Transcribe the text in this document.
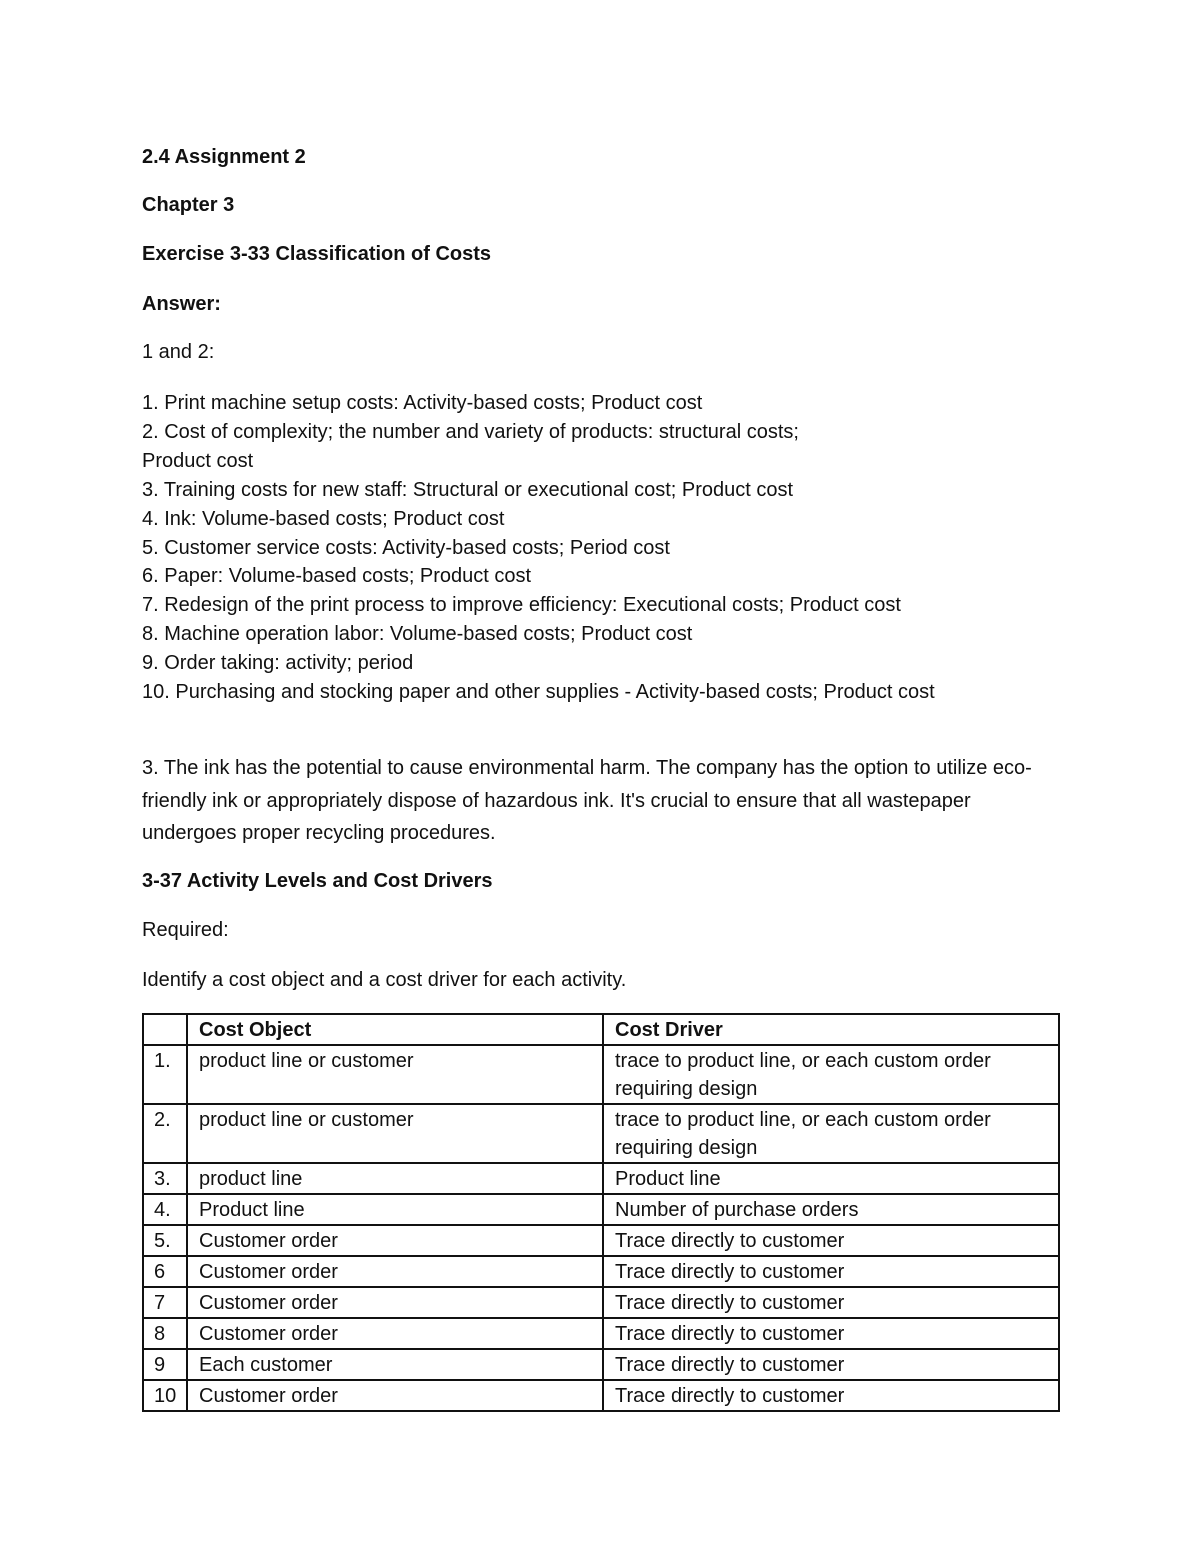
2.4 Assignment 2
Chapter 3
Exercise 3-33 Classification of Costs
Answer:
1 and 2:
1. Print machine setup costs: Activity-based costs; Product cost
2. Cost of complexity; the number and variety of products: structural costs;
Product cost
3. Training costs for new staff: Structural or executional cost; Product cost
4. Ink: Volume-based costs; Product cost
5. Customer service costs: Activity-based costs; Period cost
6. Paper: Volume-based costs; Product cost
7. Redesign of the print process to improve efficiency: Executional costs; Product cost
8. Machine operation labor: Volume-based costs; Product cost
9. Order taking: activity; period
10. Purchasing and stocking paper and other supplies - Activity-based costs; Product cost
3. The ink has the potential to cause environmental harm. The company has the option to utilize eco-friendly ink or appropriately dispose of hazardous ink. It's crucial to ensure that all wastepaper undergoes proper recycling procedures.
3-37 Activity Levels and Cost Drivers
Required:
Identify a cost object and a cost driver for each activity.
	Cost Object	Cost Driver
1.	product line or customer	trace to product line, or each custom order requiring design
2.	product line or customer	trace to product line, or each custom order requiring design
3.	product line	Product line
4.	Product line	Number of purchase orders
5.	Customer order	Trace directly to customer
6	Customer order	Trace directly to customer
7	Customer order	Trace directly to customer
8	Customer order	Trace directly to customer
9	Each customer	Trace directly to customer
10	Customer order	Trace directly to customer
